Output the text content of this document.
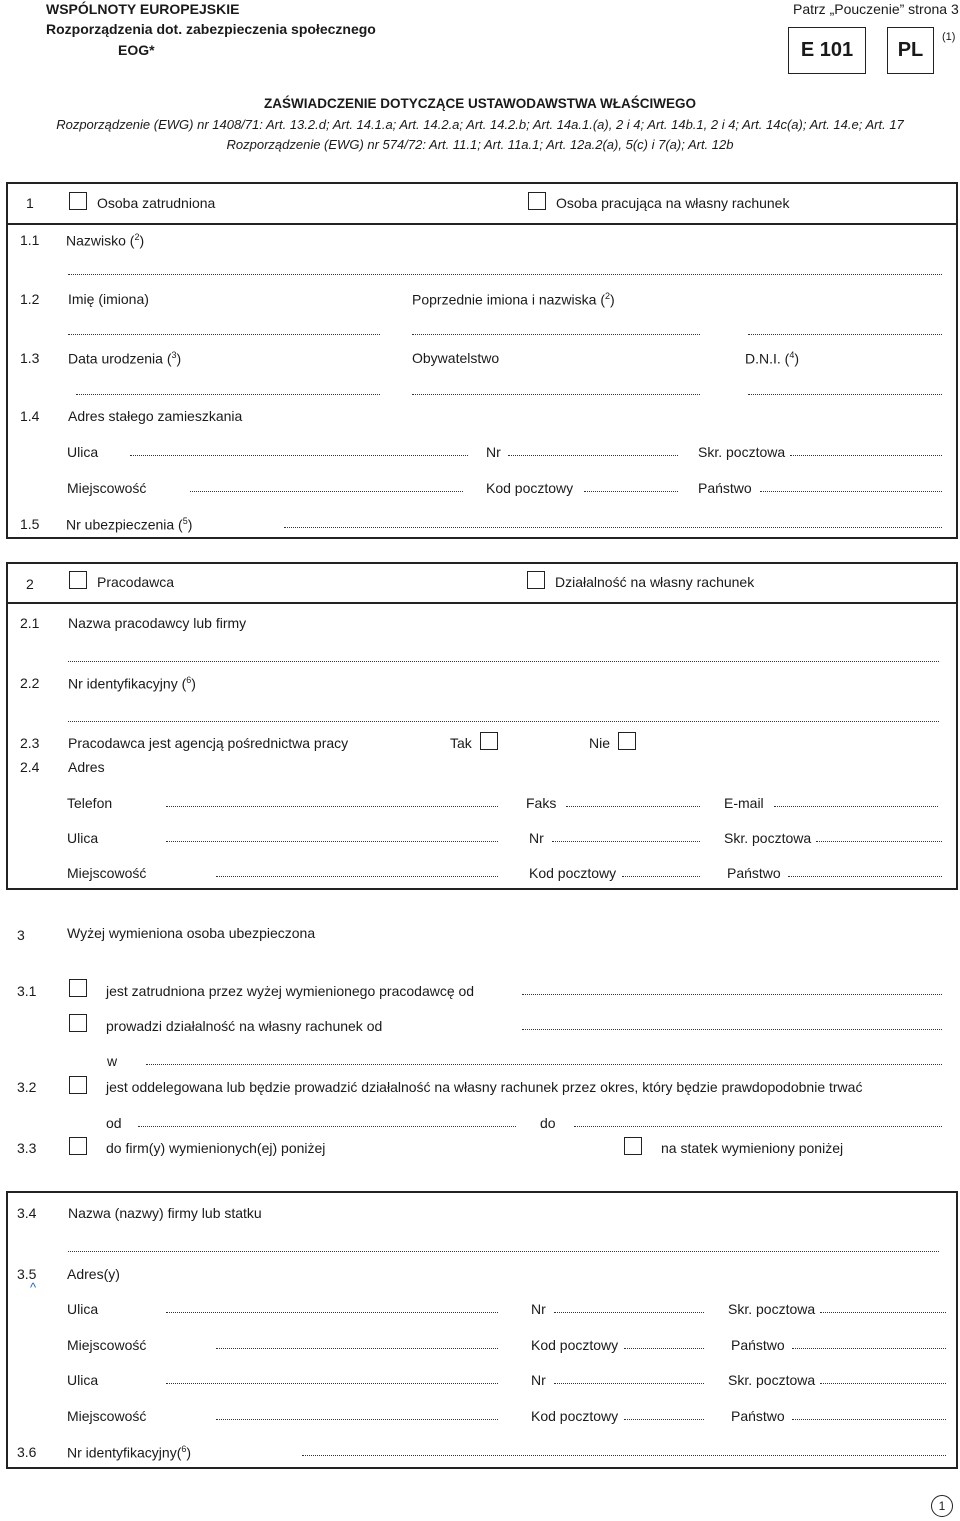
WSPÓLNOTY EUROPEJSKIE
Rozporządzenia dot. zabezpieczenia społecznego
EOG*
Patrz „Pouczenie” strona 3
E 101	PL
(1)
ZAŚWIADCZENIE DOTYCZĄCE USTAWODAWSTWA WŁAŚCIWEGO
Rozporządzenie (EWG) nr 1408/71: Art. 13.2.d; Art. 14.1.a; Art. 14.2.a; Art. 14.2.b; Art. 14a.1.(a), 2 i 4; Art. 14b.1, 2 i 4; Art. 14c(a); Art. 14.e; Art. 17
Rozporządzenie (EWG) nr 574/72: Art. 11.1; Art. 11a.1; Art. 12a.2(a), 5(c) i 7(a); Art. 12b
1	Osoba zatrudniona	Osoba pracująca na własny rachunek
1.1 Nazwisko ($^2$)
1.2 Imię (imiona)	Poprzednie imiona i nazwiska ($^2$)
1.3 Data urodzenia ($^3$)	Obywatelstwo	D.N.I. ($^4$)
1.4 Adres stałego zamieszkania
Ulica	Nr	Skr. pocztowa
Miejscowość	Kod pocztowy	Państwo
1.5 Nr ubezpieczenia ($^5$)
2	Pracodawca	Działalność na własny rachunek
2.1 Nazwa pracodawcy lub firmy
2.2 Nr identyfikacyjny ($^6$)
2.3 Pracodawca jest agencją pośrednictwa pracy	Tak	Nie
2.4 Adres
Telefon	Faks	E-mail
Ulica	Nr	Skr. pocztowa
Miejscowość	Kod pocztowy	Państwo
3	Wyżej wymieniona osoba ubezpieczona
3.1	jest zatrudniona przez wyżej wymienionego pracodawcę od
prowadzi działalność na własny rachunek od
w
3.2	jest oddelegowana lub będzie prowadzić działalność na własny rachunek przez okres, który będzie prawdopodobnie trwać
od	do
3.3	do firm(y) wymienionych(ej) poniżej	na statek wymieniony poniżej
3.4 Nazwa (nazwy) firmy lub statku
3.5
^
Adres(y)
Ulica	Nr	Skr. pocztowa
Miejscowość	Kod pocztowy	Państwo
Ulica	Nr	Skr. pocztowa
Miejscowość	Kod pocztowy	Państwo
3.6 Nr identyfikacyjny($^6$)
1
